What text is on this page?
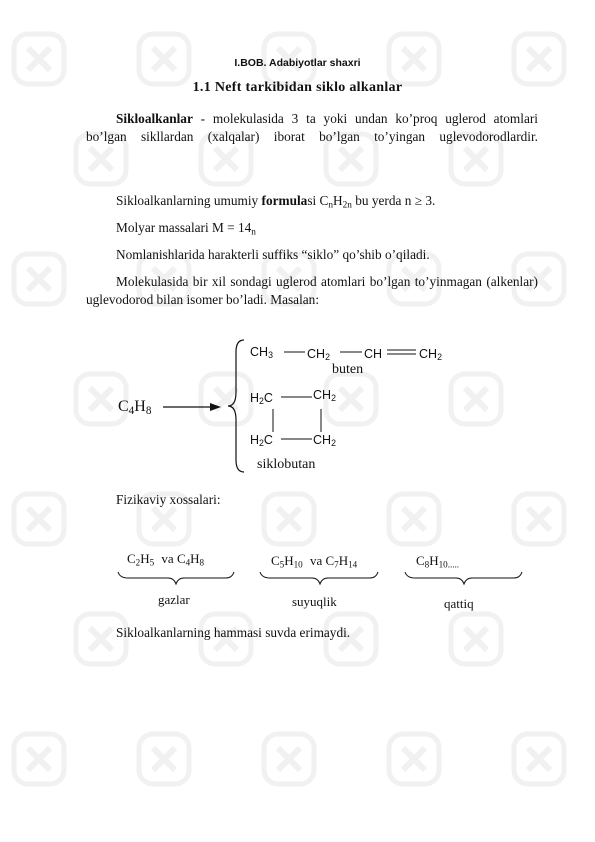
I.BOB. Adabiyotlar shaxri
1.1 Neft tarkibidan siklo alkanlar
Sikloalkanlar - molekulasida 3 ta yoki undan ko’proq uglerod atomlari bo’lgan sikllardan (xalqalar) iborat bo’lgan to’yingan uglevodorodlardir.
Sikloalkanlarning umumiy formulasi $C_nH_{2n}$ bu yerda n ≥ 3.
Molyar massalari $M = 14_n$
Nomlanishlarida harakterli suffiks “siklo” qo’shib o’qiladi.
Molekulasida bir xil sondagi uglerod atomlari bo’lgan to’yinmagan (alkenlar) uglevodorod bilan isomer bo’ladi. Masalan:
$C_4H_8$
$CH_3$	$CH_2$	CH	$CH_2$
buten
$H_2C$	$CH_2$
$H_2C$	$CH_2$
siklobutan
Fizikaviy xossalari:
$C_2H_5$ va $C_4H_8$
gazlar
$C_5H_{10}$ va $C_7H_{14}$
suyuqlik
$C_8H_{10.....}$
qattiq
Sikloalkanlarning hammasi suvda erimaydi.
